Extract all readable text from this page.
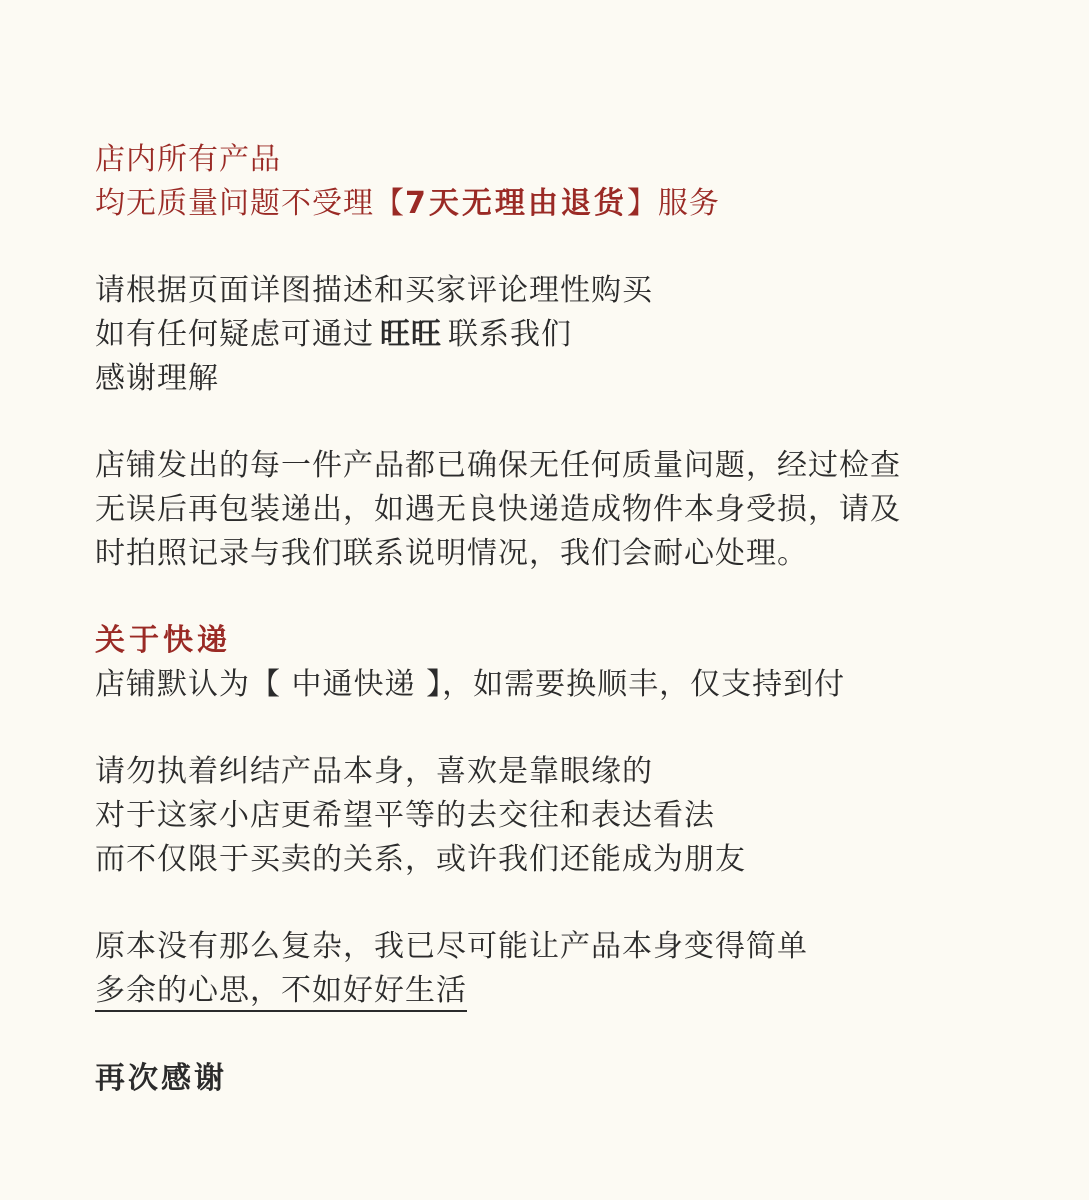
店内所有产品
均无质量问题不受理【7天无理由退货】服务
请根据页面详图描述和买家评论理性购买
如有任何疑虑可通过 旺旺 联系我们
感谢理解
店铺发出的每一件产品都已确保无任何质量问题，经过检查
无误后再包装递出，如遇无良快递造成物件本身受损，请及
时拍照记录与我们联系说明情况，我们会耐心处理。
关于快递
店铺默认为【 中通快递 】，如需要换顺丰，仅支持到付
请勿执着纠结产品本身，喜欢是靠眼缘的
对于这家小店更希望平等的去交往和表达看法
而不仅限于买卖的关系，或许我们还能成为朋友
原本没有那么复杂，我已尽可能让产品本身变得简单
多余的心思，不如好好生活
再次感谢
